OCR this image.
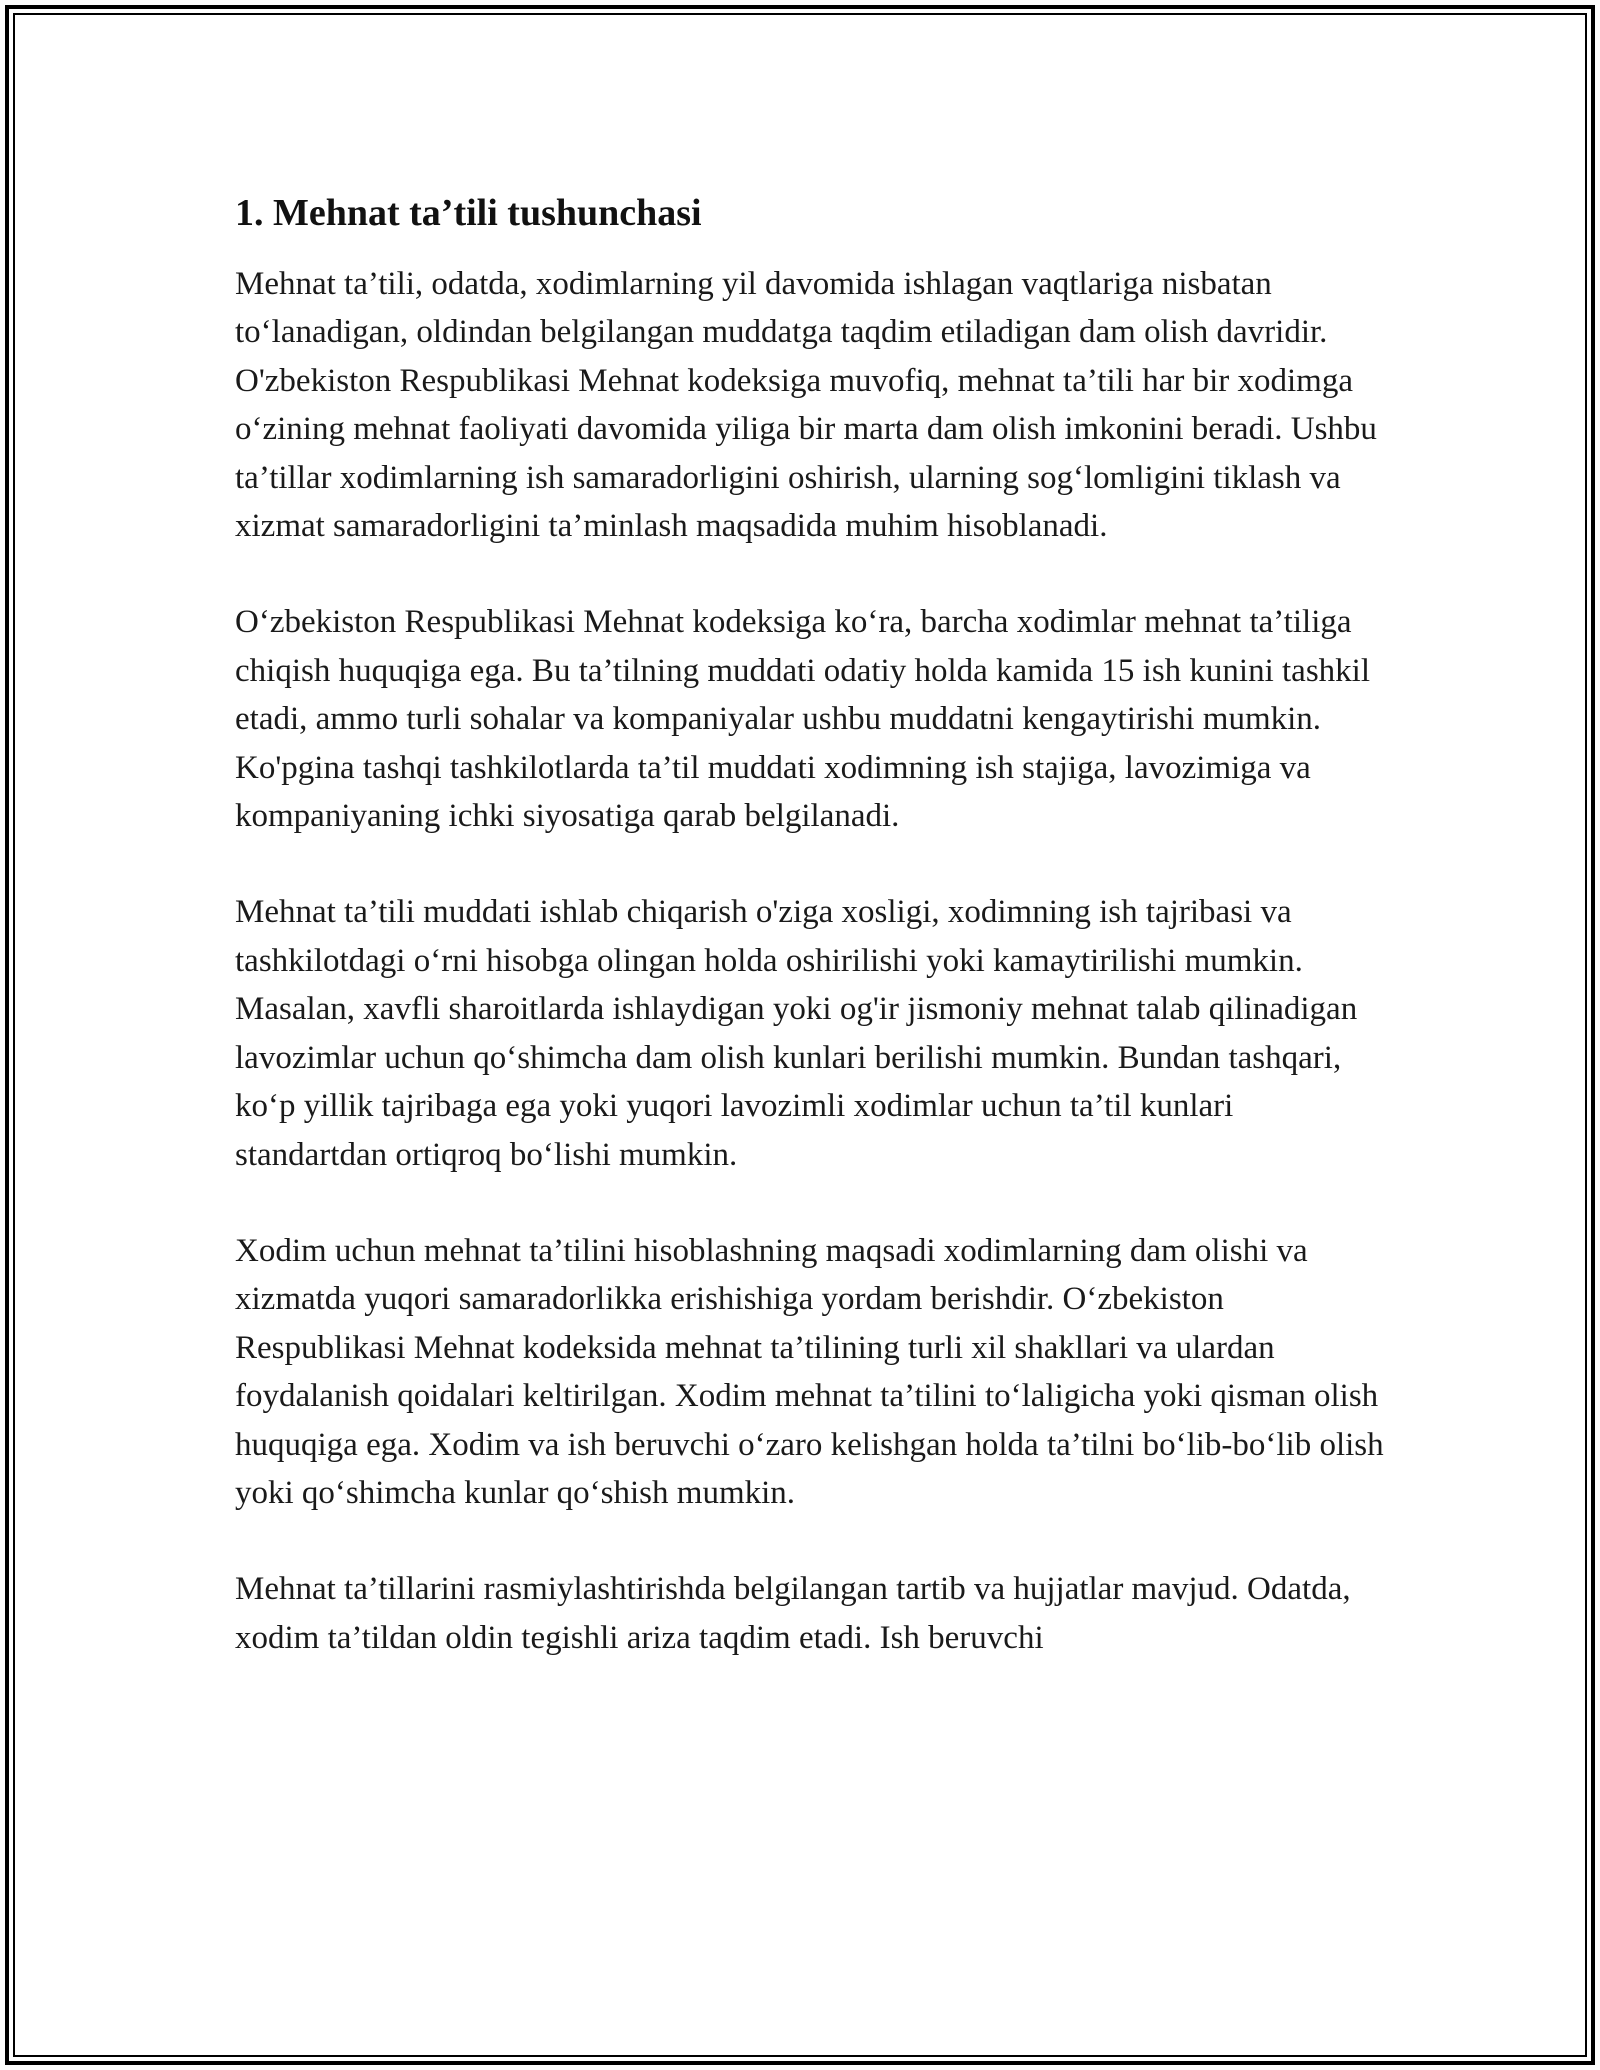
1. Mehnat ta’tili tushunchasi

Mehnat ta’tili, odatda, xodimlarning yil davomida ishlagan vaqtlariga nisbatan to‘lanadigan, oldindan belgilangan muddatga taqdim etiladigan dam olish davridir. O'zbekiston Respublikasi Mehnat kodeksiga muvofiq, mehnat ta’tili har bir xodimga o‘zining mehnat faoliyati davomida yiliga bir marta dam olish imkonini beradi. Ushbu ta’tillar xodimlarning ish samaradorligini oshirish, ularning sog‘lomligini tiklash va xizmat samaradorligini ta’minlash maqsadida muhim hisoblanadi.

O‘zbekiston Respublikasi Mehnat kodeksiga ko‘ra, barcha xodimlar mehnat ta’tiliga chiqish huquqiga ega. Bu ta’tilning muddati odatiy holda kamida 15 ish kunini tashkil etadi, ammo turli sohalar va kompaniyalar ushbu muddatni kengaytirishi mumkin. Ko'pgina tashqi tashkilotlarda ta’til muddati xodimning ish stajiga, lavozimiga va kompaniyaning ichki siyosatiga qarab belgilanadi.

Mehnat ta’tili muddati ishlab chiqarish o'ziga xosligi, xodimning ish tajribasi va tashkilotdagi o‘rni hisobga olingan holda oshirilishi yoki kamaytirilishi mumkin. Masalan, xavfli sharoitlarda ishlaydigan yoki og'ir jismoniy mehnat talab qilinadigan lavozimlar uchun qo‘shimcha dam olish kunlari berilishi mumkin. Bundan tashqari, ko‘p yillik tajribaga ega yoki yuqori lavozimli xodimlar uchun ta’til kunlari standartdan ortiqroq bo‘lishi mumkin.

Xodim uchun mehnat ta’tilini hisoblashning maqsadi xodimlarning dam olishi va xizmatda yuqori samaradorlikka erishishiga yordam berishdir. O‘zbekiston Respublikasi Mehnat kodeksida mehnat ta’tilining turli xil shakllari va ulardan foydalanish qoidalari keltirilgan. Xodim mehnat ta’tilini to‘laligicha yoki qisman olish huquqiga ega. Xodim va ish beruvchi o‘zaro kelishgan holda ta’tilni bo‘lib-bo‘lib olish yoki qo‘shimcha kunlar qo‘shish mumkin.

Mehnat ta’tillarini rasmiylashtirishda belgilangan tartib va hujjatlar mavjud. Odatda, xodim ta’tildan oldin tegishli ariza taqdim etadi. Ish beruvchi
